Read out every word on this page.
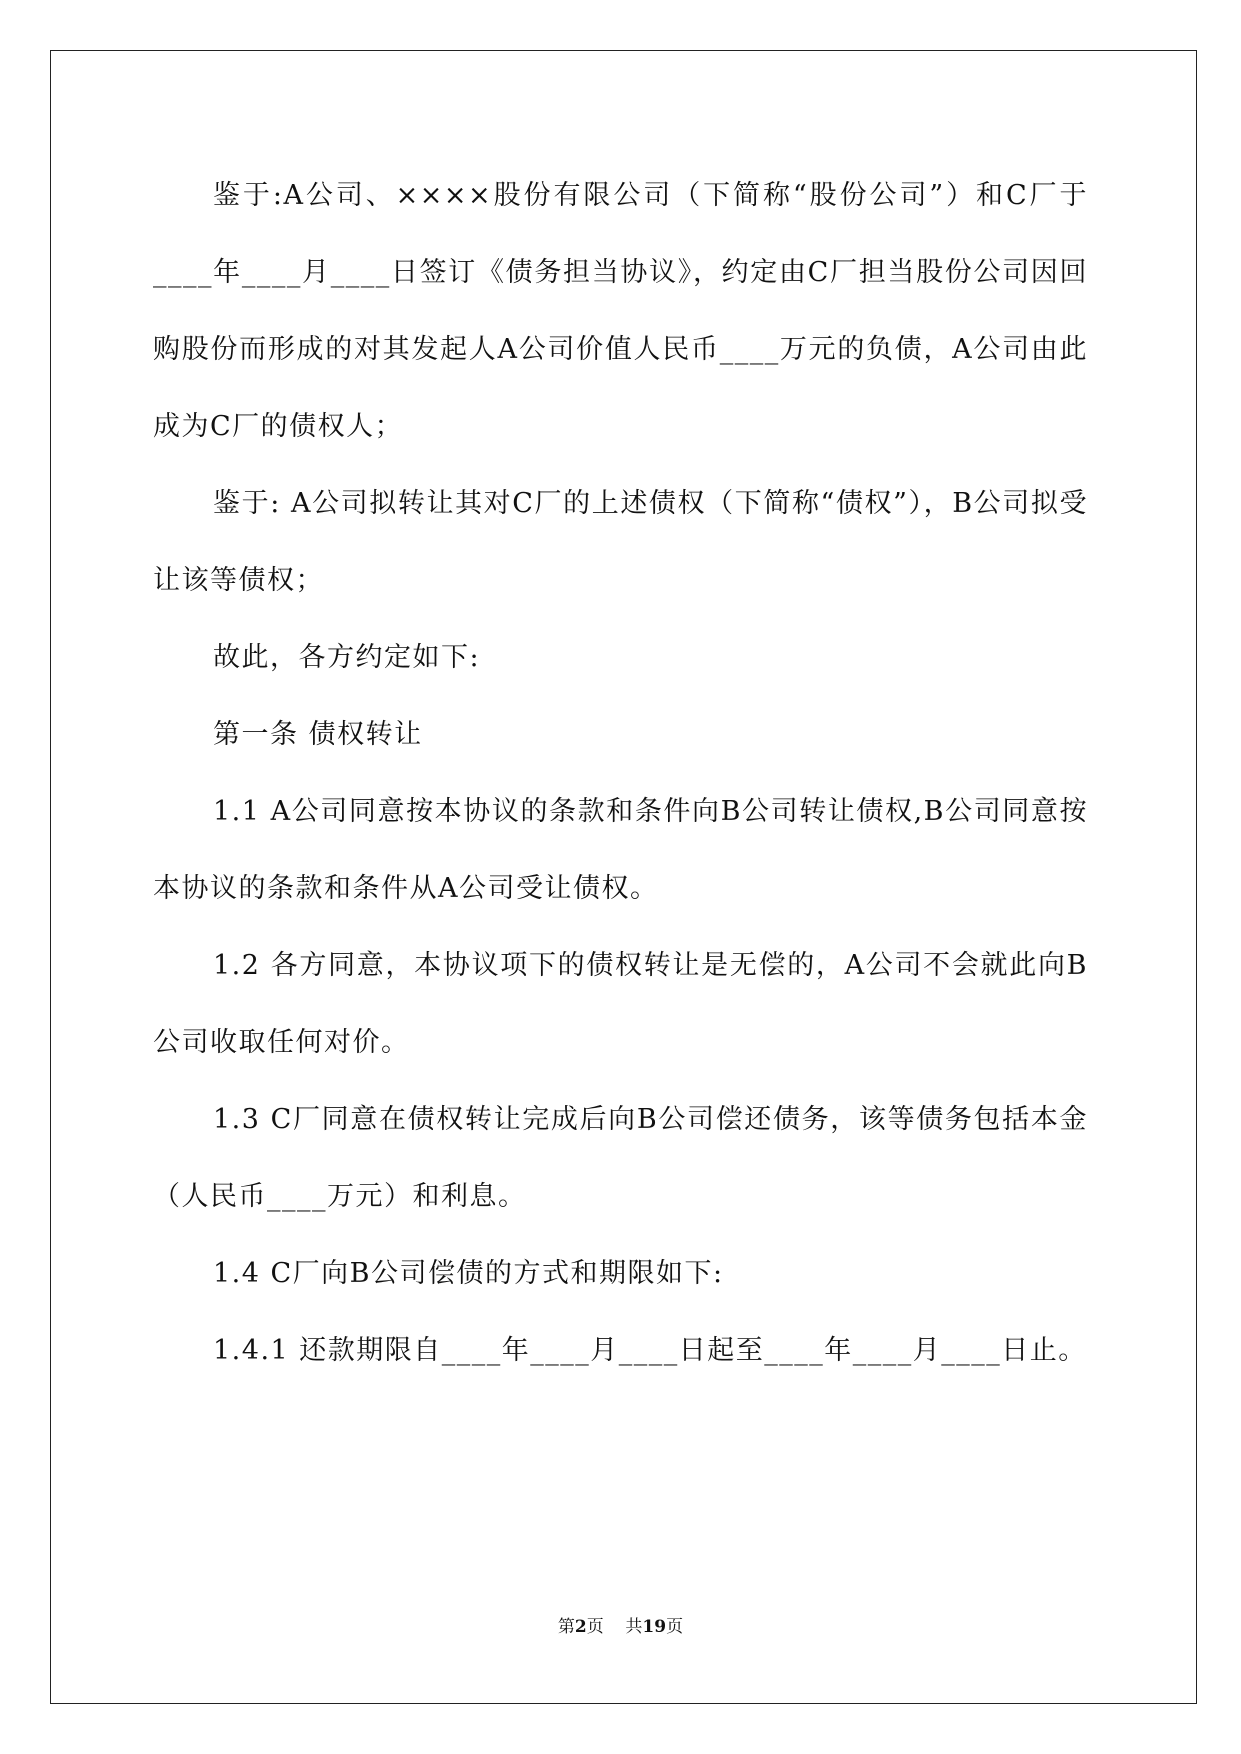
鉴于:A公司、××××股份有限公司（下简称“股份公司”）和C厂于____年____月____日签订《债务担当协议》，约定由C厂担当股份公司因回购股份而形成的对其发起人A公司价值人民币____万元的负债，A公司由此成为C厂的债权人；

鉴于: A公司拟转让其对C厂的上述债权（下简称“债权”），B公司拟受让该等债权；

故此，各方约定如下:

第一条 债权转让

1.1 A公司同意按本协议的条款和条件向B公司转让债权,B公司同意按本协议的条款和条件从A公司受让债权。

1.2 各方同意，本协议项下的债权转让是无偿的，A公司不会就此向B公司收取任何对价。

1.3 C厂同意在债权转让完成后向B公司偿还债务，该等债务包括本金（人民币____万元）和利息。

1.4 C厂向B公司偿债的方式和期限如下:

1.4.1 还款期限自____年____月____日起至____年____月____日止。

第2页    共19页
